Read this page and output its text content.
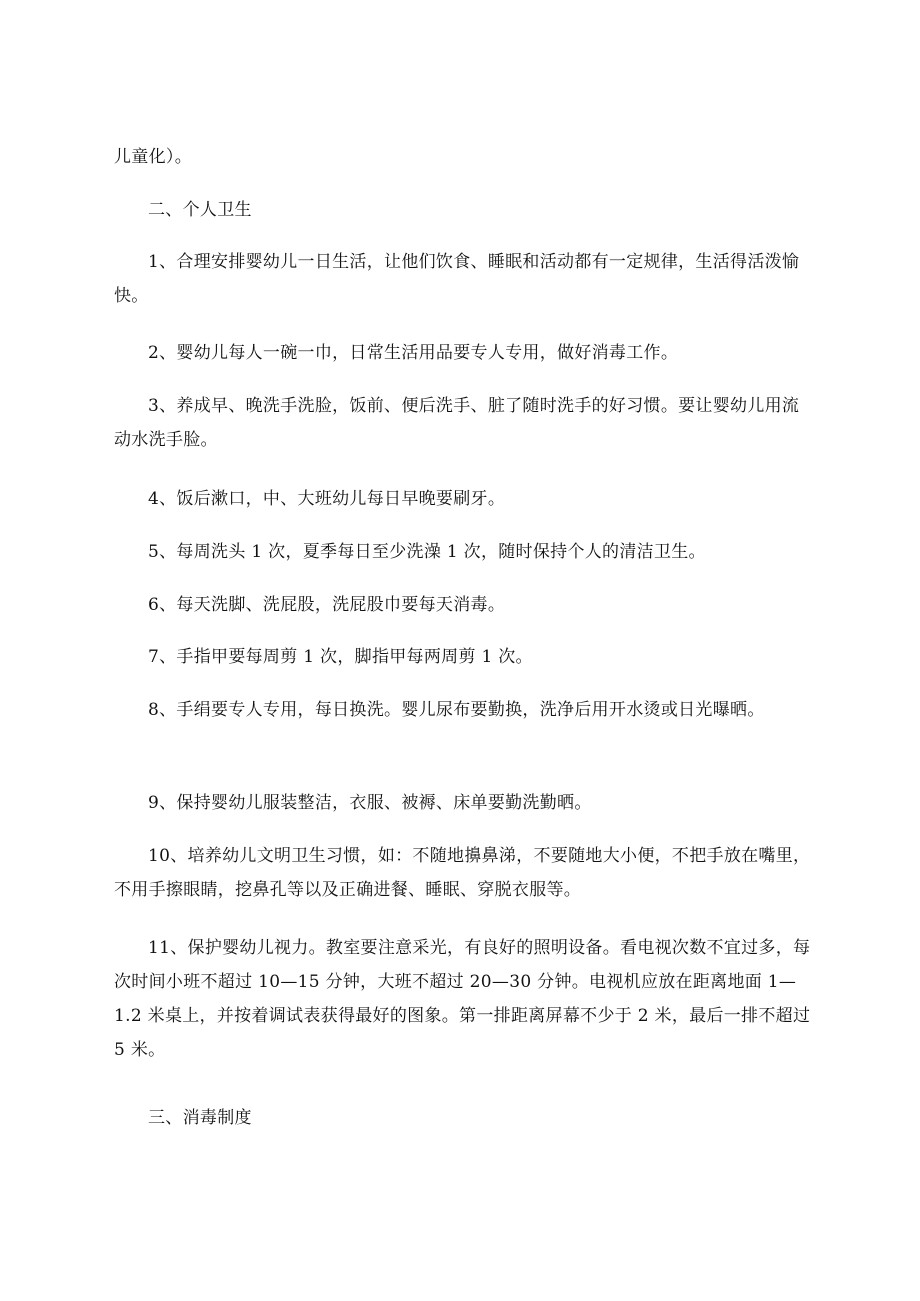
儿童化）。

二、个人卫生

1、合理安排婴幼儿一日生活，让他们饮食、睡眠和活动都有一定规律，生活得活泼愉快。

2、婴幼儿每人一碗一巾，日常生活用品要专人专用，做好消毒工作。

3、养成早、晚洗手洗脸，饭前、便后洗手、脏了随时洗手的好习惯。要让婴幼儿用流动水洗手脸。

4、饭后漱口，中、大班幼儿每日早晚要刷牙。

5、每周洗头 1 次，夏季每日至少洗澡 1 次，随时保持个人的清洁卫生。

6、每天洗脚、洗屁股，洗屁股巾要每天消毒。

7、手指甲要每周剪 1 次，脚指甲每两周剪 1 次。

8、手绢要专人专用，每日换洗。婴儿尿布要勤换，洗净后用开水烫或日光曝晒。

9、保持婴幼儿服装整洁，衣服、被褥、床单要勤洗勤晒。

10、培养幼儿文明卫生习惯，如：不随地擤鼻涕，不要随地大小便，不把手放在嘴里，不用手擦眼睛，挖鼻孔等以及正确进餐、睡眠、穿脱衣服等。

11、保护婴幼儿视力。教室要注意采光，有良好的照明设备。看电视次数不宜过多，每次时间小班不超过 10—15 分钟，大班不超过 20—30 分钟。电视机应放在距离地面 1—1.2 米桌上，并按着调试表获得最好的图象。第一排距离屏幕不少于 2 米，最后一排不超过 5 米。

三、消毒制度
